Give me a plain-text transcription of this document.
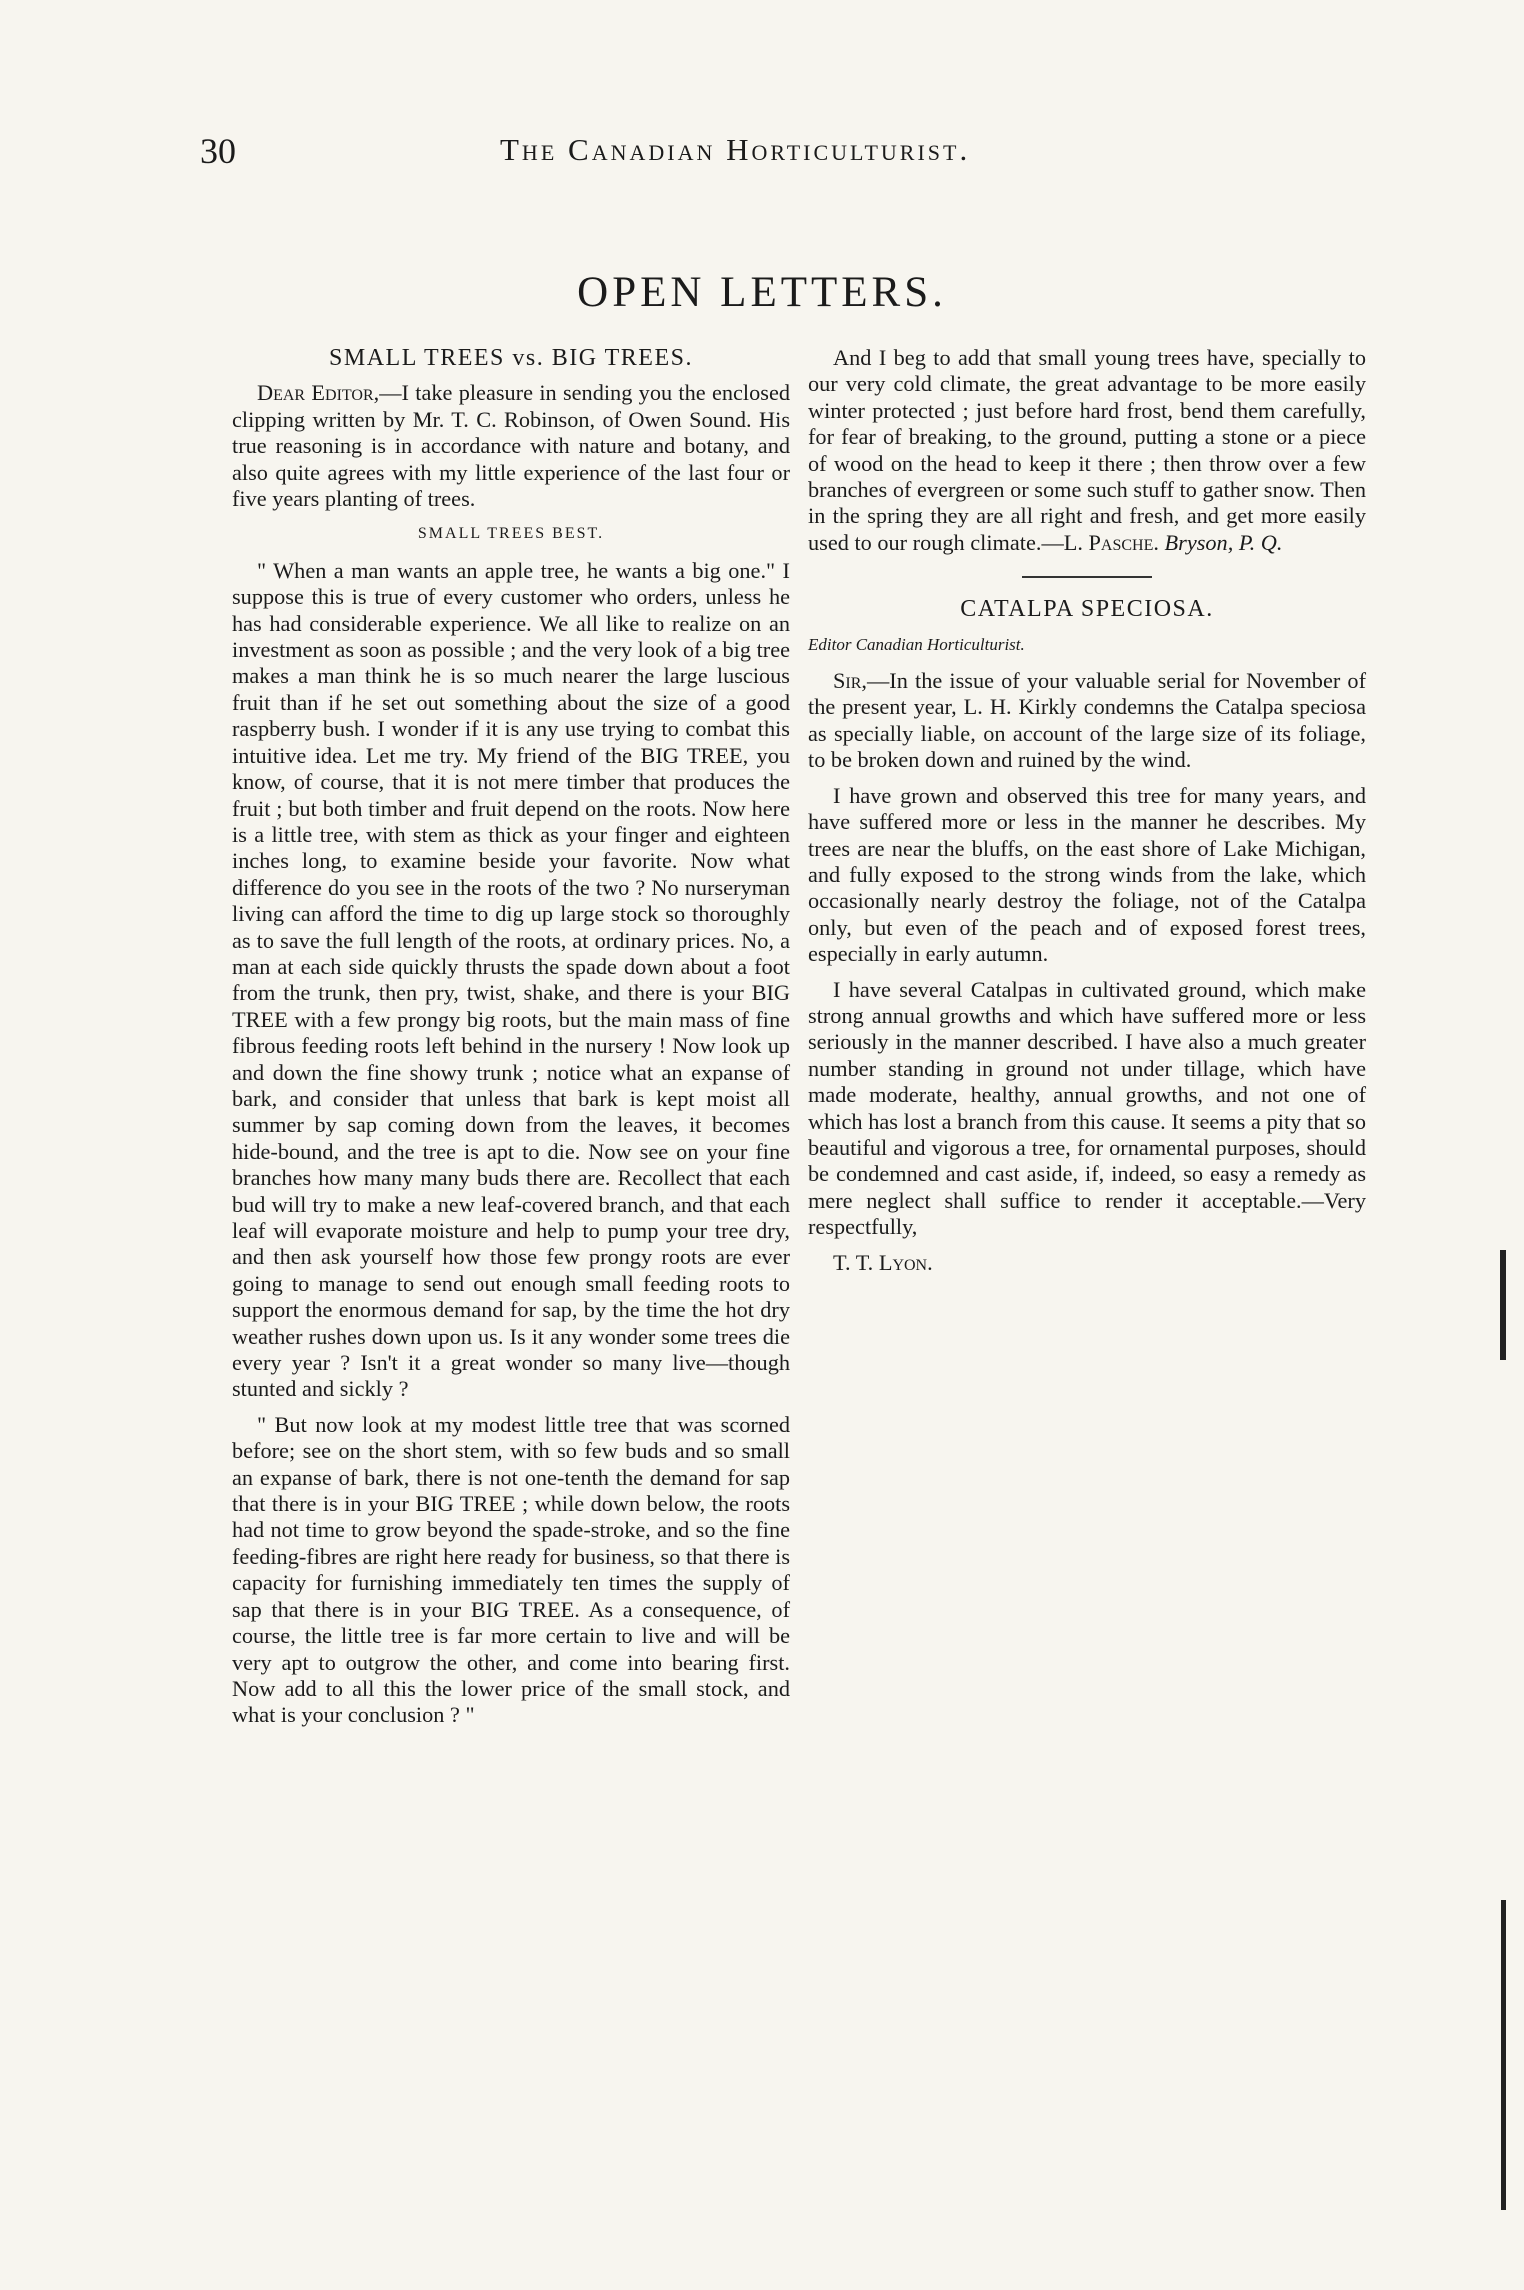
30	The Canadian Horticulturist.
OPEN LETTERS.
SMALL TREES vs. BIG TREES.

Dear Editor,—I take pleasure in sending you the enclosed clipping written by Mr. T. C. Robinson, of Owen Sound. His true reasoning is in accordance with nature and botany, and also quite agrees with my little experience of the last four or five years planting of trees.

SMALL TREES BEST.

" When a man wants an apple tree, he wants a big one." I suppose this is true of every customer who orders, unless he has had considerable experience. We all like to realize on an investment as soon as possible ; and the very look of a big tree makes a man think he is so much nearer the large luscious fruit than if he set out something about the size of a good raspberry bush. I wonder if it is any use trying to combat this intuitive idea. Let me try. My friend of the BIG TREE, you know, of course, that it is not mere timber that produces the fruit ; but both timber and fruit depend on the roots. Now here is a little tree, with stem as thick as your finger and eighteen inches long, to examine beside your favorite. Now what difference do you see in the roots of the two ? No nurseryman living can afford the time to dig up large stock so thoroughly as to save the full length of the roots, at ordinary prices. No, a man at each side quickly thrusts the spade down about a foot from the trunk, then pry, twist, shake, and there is your BIG TREE with a few prongy big roots, but the main mass of fine fibrous feeding roots left behind in the nursery ! Now look up and down the fine showy trunk ; notice what an expanse of bark, and consider that unless that bark is kept moist all summer by sap coming down from the leaves, it becomes hide-bound, and the tree is apt to die. Now see on your fine branches how many many buds there are. Recollect that each bud will try to make a new leaf-covered branch, and that each leaf will evaporate moisture and help to pump your tree dry, and then ask yourself how those few prongy roots are ever going to manage to send out enough small feeding roots to support the enormous demand for sap, by the time the hot dry weather rushes down upon us. Is it any wonder some trees die every year ? Isn't it a great wonder so many live—though stunted and sickly ?

" But now look at my modest little tree that was scorned before; see on the short stem, with so few buds and so small an expanse of bark, there is not one-tenth the demand for sap that there is in your BIG TREE ; while down below, the roots had not time to grow beyond the spade-stroke, and so the fine feeding-fibres are right here ready for business, so that there is capacity for furnishing immediately ten times the supply of sap that there is in your BIG TREE. As a consequence, of course, the little tree is far more certain to live and will be very apt to outgrow the other, and come into bearing first. Now add to all this the lower price of the small stock, and what is your conclusion ? "

And I beg to add that small young trees have, specially to our very cold climate, the great advantage to be more easily winter protected ; just before hard frost, bend them carefully, for fear of breaking, to the ground, putting a stone or a piece of wood on the head to keep it there ; then throw over a few branches of evergreen or some such stuff to gather snow. Then in the spring they are all right and fresh, and get more easily used to our rough climate.—L. Pasche. Bryson, P. Q.

CATALPA SPECIOSA.
Editor Canadian Horticulturist.

Sir,—In the issue of your valuable serial for November of the present year, L. H. Kirkly condemns the Catalpa speciosa as specially liable, on account of the large size of its foliage, to be broken down and ruined by the wind.

I have grown and observed this tree for many years, and have suffered more or less in the manner he describes. My trees are near the bluffs, on the east shore of Lake Michigan, and fully exposed to the strong winds from the lake, which occasionally nearly destroy the foliage, not of the Catalpa only, but even of the peach and of exposed forest trees, especially in early autumn.

I have several Catalpas in cultivated ground, which make strong annual growths and which have suffered more or less seriously in the manner described. I have also a much greater number standing in ground not under tillage, which have made moderate, healthy, annual growths, and not one of which has lost a branch from this cause. It seems a pity that so beautiful and vigorous a tree, for ornamental purposes, should be condemned and cast aside, if, indeed, so easy a remedy as mere neglect shall suffice to render it acceptable.—Very respectfully,

T. T. Lyon.
